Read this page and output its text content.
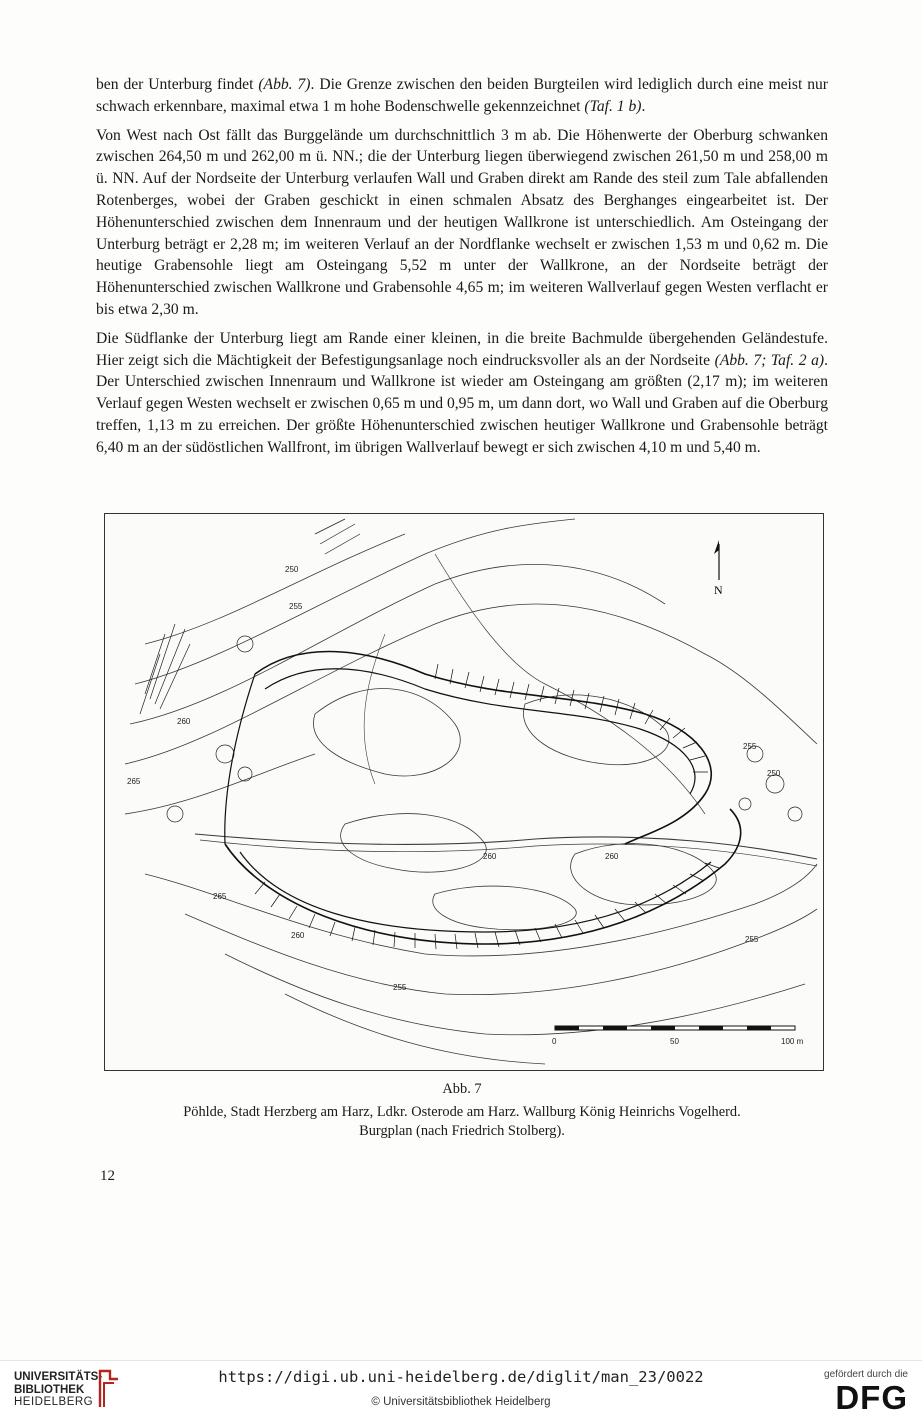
ben der Unterburg findet (Abb. 7). Die Grenze zwischen den beiden Burgteilen wird lediglich durch eine meist nur schwach erkennbare, maximal etwa 1 m hohe Bodenschwelle gekennzeichnet (Taf. 1 b).

Von West nach Ost fällt das Burggelände um durchschnittlich 3 m ab. Die Höhenwerte der Oberburg schwanken zwischen 264,50 m und 262,00 m ü. NN.; die der Unterburg liegen überwiegend zwischen 261,50 m und 258,00 m ü. NN. Auf der Nordseite der Unterburg verlaufen Wall und Graben direkt am Rande des steil zum Tale abfallenden Rotenberges, wobei der Graben geschickt in einen schmalen Absatz des Berghanges eingearbeitet ist. Der Höhenunterschied zwischen dem Innenraum und der heutigen Wallkrone ist unterschiedlich. Am Osteingang der Unterburg beträgt er 2,28 m; im weiteren Verlauf an der Nordflanke wechselt er zwischen 1,53 m und 0,62 m. Die heutige Grabensohle liegt am Osteingang 5,52 m unter der Wallkrone, an der Nordseite beträgt der Höhenunterschied zwischen Wallkrone und Grabensohle 4,65 m; im weiteren Wallverlauf gegen Westen verflacht er bis etwa 2,30 m.

Die Südflanke der Unterburg liegt am Rande einer kleinen, in die breite Bachmulde übergehenden Geländestufe. Hier zeigt sich die Mächtigkeit der Befestigungsanlage noch eindrucksvoller als an der Nordseite (Abb. 7; Taf. 2 a). Der Unterschied zwischen Innenraum und Wallkrone ist wieder am Osteingang am größten (2,17 m); im weiteren Verlauf gegen Westen wechselt er zwischen 0,65 m und 0,95 m, um dann dort, wo Wall und Graben auf die Oberburg treffen, 1,13 m zu erreichen. Der größte Höhenunterschied zwischen heutiger Wallkrone und Grabensohle beträgt 6,40 m an der südöstlichen Wallfront, im übrigen Wallverlauf bewegt er sich zwischen 4,10 m und 5,40 m.

N
250
255
260
265
260
255
250
260
265
260	255
255
0	50	100 m
Abb. 7
Pöhlde, Stadt Herzberg am Harz, Ldkr. Osterode am Harz. Wallburg König Heinrichs Vogelherd.
Burgplan (nach Friedrich Stolberg).
12
UNIVERSITÄTS-
BIBLIOTHEK
HEIDELBERG
https://digi.ub.uni-heidelberg.de/diglit/man_23/0022
© Universitätsbibliothek Heidelberg
gefördert durch die
DFG
